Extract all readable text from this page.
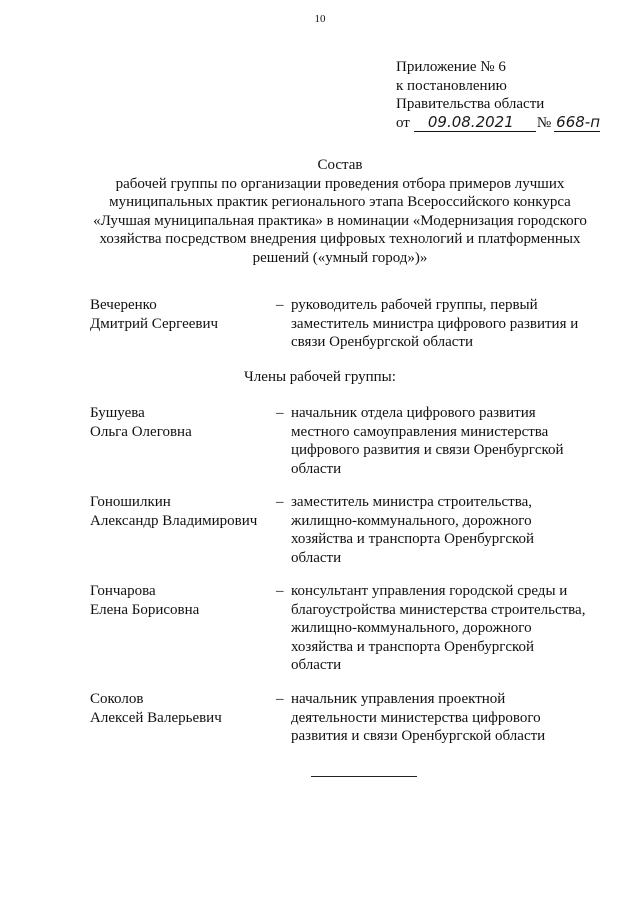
10
Приложение № 6
к постановлению
Правительства области
от	09.08.2021	№ 668-п
Состав
рабочей группы по организации проведения отбора примеров лучших
муниципальных практик регионального этапа Всероссийского конкурса
«Лучшая муниципальная практика» в номинации «Модернизация городского
хозяйства посредством внедрения цифровых технологий и платформенных
решений («умный город»)»
Вечеренко
Дмитрий Сергеевич
– руководитель рабочей группы, первый
заместитель министра цифрового развития и
связи Оренбургской области
Члены рабочей группы:
Бушуева
Ольга Олеговна
– начальник отдела цифрового развития
местного самоуправления министерства
цифрового развития и связи Оренбургской
области
Гоношилкин
Александр Владимирович
– заместитель министра строительства,
жилищно-коммунального, дорожного
хозяйства и транспорта Оренбургской
области
Гончарова
Елена Борисовна
– консультант управления городской среды и
благоустройства министерства строительства,
жилищно-коммунального, дорожного
хозяйства и транспорта Оренбургской
области
Соколов
Алексей Валерьевич
– начальник управления проектной
деятельности министерства цифрового
развития и связи Оренбургской области
